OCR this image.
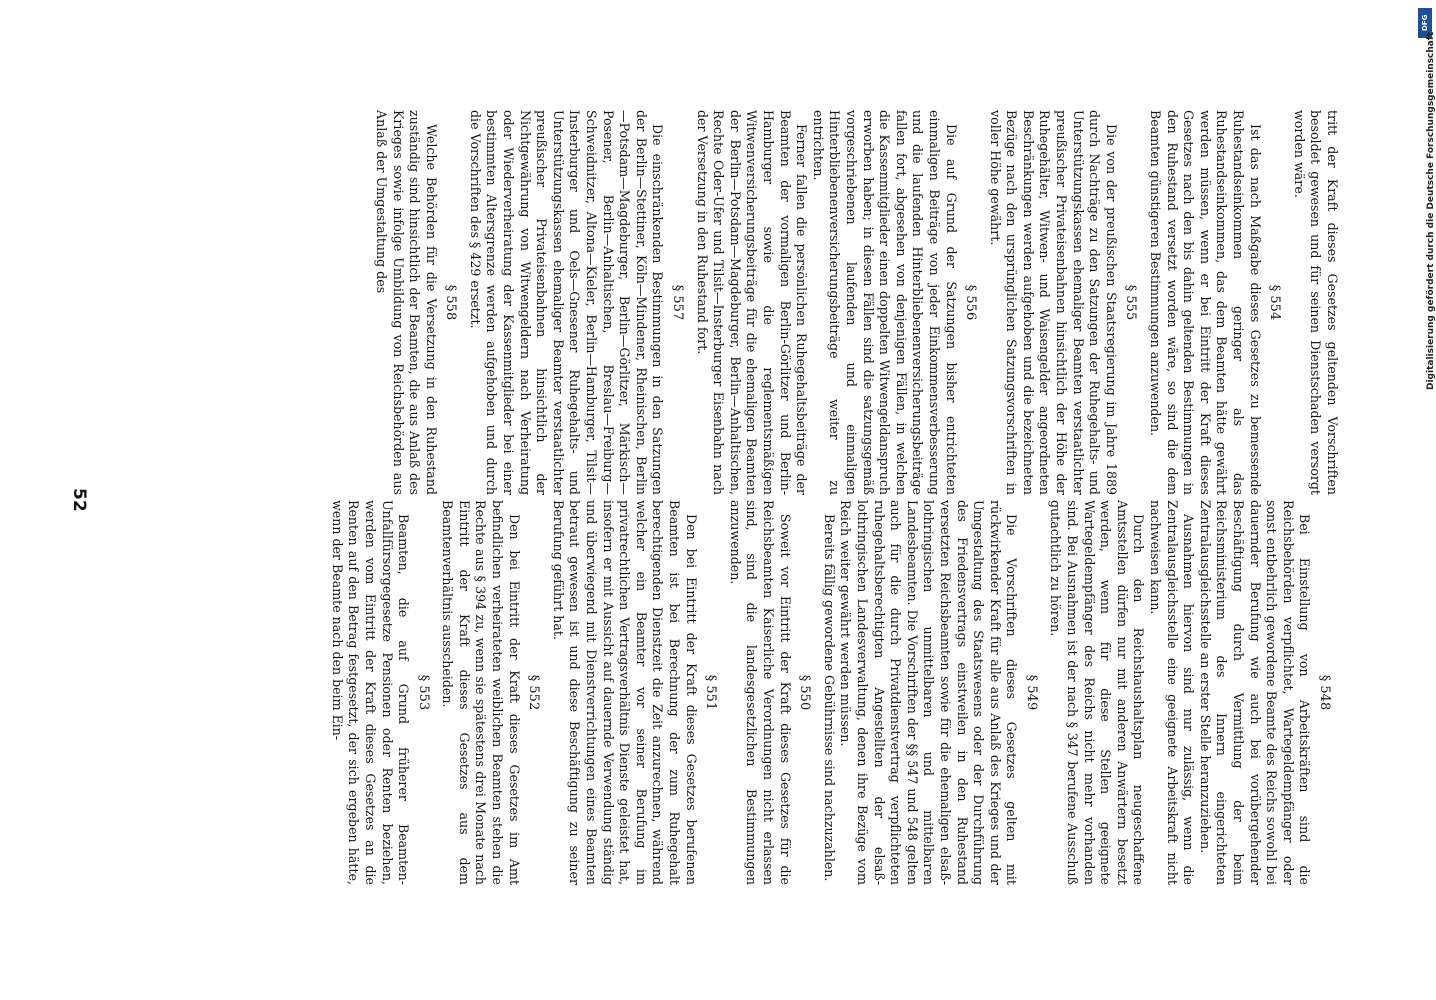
52
§ 548

Bei Einstellung von Arbeitskräften sind die Reichsbehörden verpflichtet, Wartegeldempfänger oder sonst entbehrlich gewordene Beamte des Reichs sowohl bei dauernder Berufung wie auch bei vorübergehender Beschäftigung durch Vermittlung der beim Reichsministerium des Innern eingerichteten Zentralausgleichsstelle an erster Stelle heranzuziehen.

Ausnahmen hiervon sind nur zulässig, wenn die Zentralausgleichsstelle eine geeignete Arbeitskraft nicht nachweisen kann.

Durch den Reichshaushaltsplan neugeschaffene Amtsstellen dürfen nur mit anderen Anwärtern besetzt werden, wenn für diese Stellen geeignete Wartegeldempfänger des Reichs nicht mehr vorhanden sind. Bei Ausnahmen ist der nach § 347 berufene Ausschuß gutachtlich zu hören.

§ 549

Die Vorschriften dieses Gesetzes gelten mit rückwirkender Kraft für alle aus Anlaß des Krieges und der Umgestaltung des Staatswesens oder der Durchführung des Friedensvertrags einstweilen in den Ruhestand versetzten Reichsbeamten sowie für die ehemaligen elsaß-lothringischen unmittelbaren und mittelbaren Landesbeamten. Die Vorschriften der §§ 547 und 548 gelten auch für die durch Privatdienstvertrag verpflichteten ruhegehaltsberechtigten Angestellten der elsaß-lothringischen Landesverwaltung, denen ihre Bezüge vom Reich weiter gewährt werden müssen.

Bereits fällig gewordene Gebührnisse sind nachzuzahlen.

§ 550

Soweit vor Eintritt der Kraft dieses Gesetzes für die Reichsbeamten Kaiserliche Verordnungen nicht erlassen sind, sind die landesgesetzlichen Bestimmungen anzuwenden.

§ 551

Den bei Eintritt der Kraft dieses Gesetzes berufenen Beamten ist bei Berechnung der zum Ruhegehalt berechtigenden Dienstzeit die Zeit anzurechnen, während welcher ein Beamter vor seiner Berufung im privatrechtlichen Vertragsverhältnis Dienste geleistet hat, insofern er mit Aussicht auf dauernde Verwendung ständig und überwiegend mit Dienstverrichtungen eines Beamten betraut gewesen ist und diese Beschäftigung zu seiner Berufung geführt hat.

§ 552

Den bei Eintritt der Kraft dieses Gesetzes im Amt befindlichen verheirateten weiblichen Beamten stehen die Rechte aus § 394 zu, wenn sie spätestens drei Monate nach Eintritt der Kraft dieses Gesetzes aus dem Beamtenverhältnis ausscheiden.

§ 553

Beamten, die auf Grund früherer Beamten-Unfallfürsorgegesetze Pensionen oder Renten beziehen, werden vom Eintritt der Kraft dieses Gesetzes an die Renten auf den Betrag festgesetzt, der sich ergeben hätte, wenn der Beamte nach den beim Ein-

tritt der Kraft dieses Gesetzes geltenden Vorschriften besoldet gewesen und für seinen Dienstschaden versorgt worden wäre.

§ 554

Ist das nach Maßgabe dieses Gesetzes zu bemessende Ruhestandseinkommen geringer als das Ruhestandseinkommen, das dem Beamten hätte gewährt werden müssen, wenn er bei Eintritt der Kraft dieses Gesetzes nach den bis dahin geltenden Bestimmungen in den Ruhestand versetzt worden wäre, so sind die dem Beamten günstigeren Bestimmungen anzuwenden.

§ 555

Die von der preußischen Staatsregierung im Jahre 1889 durch Nachträge zu den Satzungen der Ruhegehalts- und Unterstützungskassen ehemaliger Beamten verstaatlichter preußischer Privateisenbahnen hinsichtlich der Höhe der Ruhegehälter, Witwen- und Waisengelder angeordneten Beschränkungen werden aufgehoben und die bezeichneten Bezüge nach den ursprünglichen Satzungsvorschriften in voller Höhe gewährt.

§ 556

Die auf Grund der Satzungen bisher entrichteten einmaligen Beiträge von jeder Einkommensverbesserung und die laufenden Hinterbliebenenversicherungsbeiträge fallen fort, abgesehen von denjenigen Fällen, in welchen die Kassenmitglieder einen doppelten Witwengeldanspruch erworben haben; in diesen Fällen sind die satzungsgemäß vorgeschriebenen laufenden und einmaligen Hinterbliebenenversicherungsbeiträge weiter zu entrichten.

Ferner fallen die persönlichen Ruhegehaltsbeiträge der Beamten der vormaligen Berlin-Görlitzer und Berlin-Hamburger sowie die reglementsmäßigen Witwenversicherungsbeiträge für die ehemaligen Beamten der Berlin—Potsdam—Magdeburger, Berlin—Anhaltischen, Rechte Oder-Ufer und Tilsit—Insterburger Eisenbahn nach der Versetzung in den Ruhestand fort.

§ 557

Die einschränkenden Bestimmungen in den Satzungen der Berlin—Stettiner, Köln—Mindener, Rheinischen, Berlin—Potsdam—Magdeburger, Berlin—Görlitzer, Märkisch—Posener, Berlin—Anhaltischen, Breslau—Freiburg—Schweidnitzer, Altona—Kieler, Berlin—Hamburger, Tilsit—Insterburger und Oels—Gnesener Ruhegehalts- und Unterstützungskassen ehemaliger Beamter verstaatlichter preußischer Privateisenbahnen hinsichtlich der Nichtgewährung von Witwengeldern nach Verheiratung oder Wiederverheiratung der Kassenmitglieder bei einer bestimmten Altersgrenze werden aufgehoben und durch die Vorschriften des § 429 ersetzt.

§ 558

Welche Behörden für die Versetzung in den Ruhestand zuständig sind hinsichtlich der Beamten, die aus Anlaß des Krieges sowie infolge Umbildung von Reichsbehörden aus Anlaß der Umgestaltung des

DFG
Digitalisierung gefördert durch die Deutsche Forschungsgemeinschaft
